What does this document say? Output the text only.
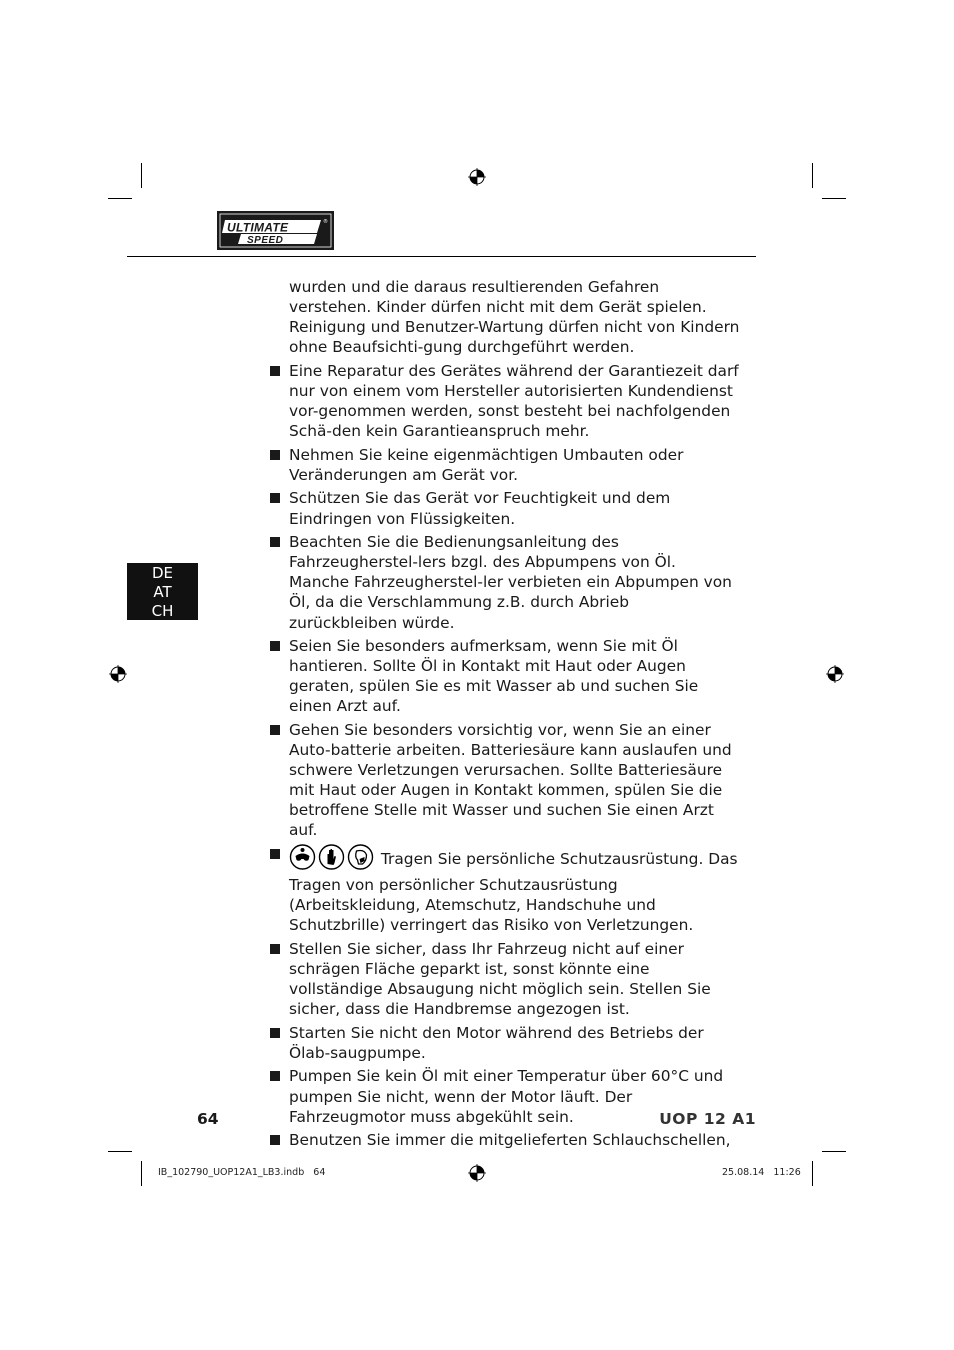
ULTIMATE
SPEED
®
DE
AT
CH

wurden und die daraus resultierenden Gefahren verstehen. Kinder dürfen nicht mit dem Gerät spielen. Reinigung und Benutzer-Wartung dürfen nicht von Kindern ohne Beaufsichti-gung durchgeführt werden.

Eine Reparatur des Gerätes während der Garantiezeit darf nur von einem vom Hersteller autorisierten Kundendienst vor-genommen werden, sonst besteht bei nachfolgenden Schä-den kein Garantieanspruch mehr.

Nehmen Sie keine eigenmächtigen Umbauten oder Veränderungen am Gerät vor.

Schützen Sie das Gerät vor Feuchtigkeit und dem Eindringen von Flüssigkeiten.

Beachten Sie die Bedienungsanleitung des Fahrzeugherstel-lers bzgl. des Abpumpens von Öl. Manche Fahrzeugherstel-ler verbieten ein Abpumpen von Öl, da die Verschlammung z.B. durch Abrieb zurückbleiben würde.

Seien Sie besonders aufmerksam, wenn Sie mit Öl hantieren. Sollte Öl in Kontakt mit Haut oder Augen geraten, spülen Sie es mit Wasser ab und suchen Sie einen Arzt auf.

Gehen Sie besonders vorsichtig vor, wenn Sie an einer Auto-batterie arbeiten. Batteriesäure kann auslaufen und schwere Verletzungen verursachen. Sollte Batteriesäure mit Haut oder Augen in Kontakt kommen, spülen Sie die betroffene Stelle mit Wasser und suchen Sie einen Arzt auf.

Tragen Sie persönliche Schutzausrüstung. Das Tragen von persönlicher Schutzausrüstung (Arbeitskleidung, Atemschutz, Handschuhe und Schutzbrille) verringert das Risiko von Verletzungen.

Stellen Sie sicher, dass Ihr Fahrzeug nicht auf einer schrägen Fläche geparkt ist, sonst könnte eine vollständige Absaugung nicht möglich sein. Stellen Sie sicher, dass die Handbremse angezogen ist.

Starten Sie nicht den Motor während des Betriebs der Ölab-saugpumpe.

Pumpen Sie kein Öl mit einer Temperatur über 60°C und pumpen Sie nicht, wenn der Motor läuft. Der Fahrzeugmotor muss abgekühlt sein.

Benutzen Sie immer die mitgelieferten Schlauchschellen,

64	UOP 12 A1
IB_102790_UOP12A1_LB3.indb   64	25.08.14   11:26
